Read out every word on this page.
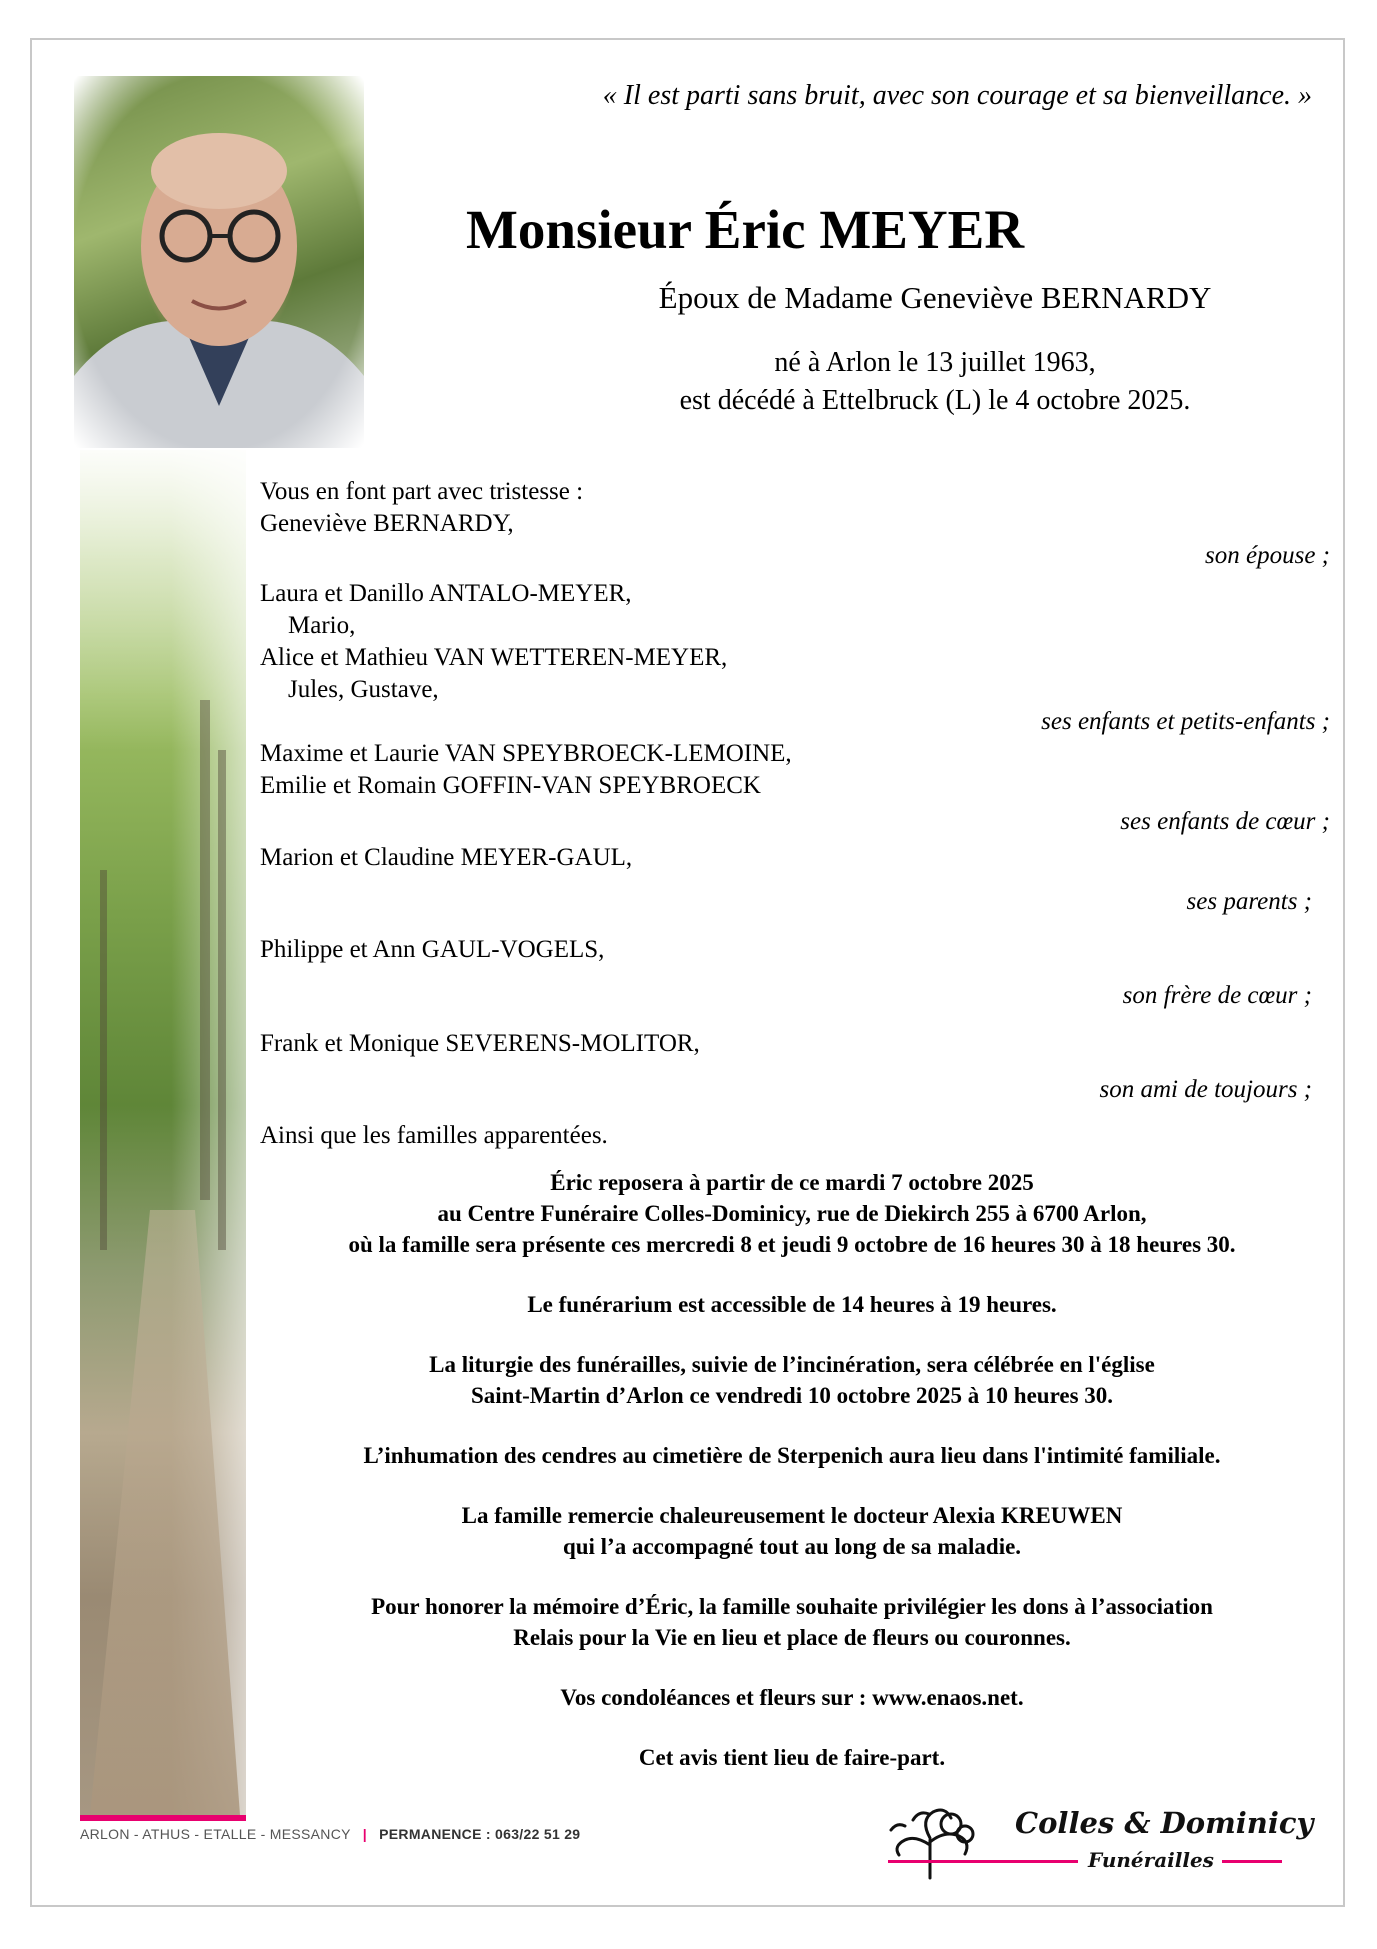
« Il est parti sans bruit, avec son courage et sa bienveillance. »
Monsieur Éric MEYER
Époux de Madame Geneviève BERNARDY
né à Arlon le 13 juillet 1963,
est décédé à Ettelbruck (L) le 4 octobre 2025.
Vous en font part avec tristesse :
Geneviève BERNARDY,
son épouse ;
Laura et Danillo ANTALO-MEYER,
Mario,
Alice et Mathieu VAN WETTEREN-MEYER,
Jules, Gustave,
ses enfants et petits-enfants ;
Maxime et Laurie VAN SPEYBROECK-LEMOINE,
Emilie et Romain GOFFIN-VAN SPEYBROECK
ses enfants de cœur ;
Marion et Claudine MEYER-GAUL,
ses parents ;
Philippe et Ann GAUL-VOGELS,
son frère de cœur ;
Frank et Monique SEVERENS-MOLITOR,
son ami de toujours ;
Ainsi que les familles apparentées.

Éric reposera à partir de ce mardi 7 octobre 2025
au Centre Funéraire Colles-Dominicy, rue de Diekirch 255 à 6700 Arlon,
où la famille sera présente ces mercredi 8 et jeudi 9 octobre de 16 heures 30 à 18 heures 30.

Le funérarium est accessible de 14 heures à 19 heures.

La liturgie des funérailles, suivie de l’incinération, sera célébrée en l'église
Saint-Martin d’Arlon ce vendredi 10 octobre 2025 à 10 heures 30.

L’inhumation des cendres au cimetière de Sterpenich aura lieu dans l'intimité familiale.

La famille remercie chaleureusement le docteur Alexia KREUWEN
qui l’a accompagné tout au long de sa maladie.

Pour honorer la mémoire d’Éric, la famille souhaite privilégier les dons à l’association
Relais pour la Vie en lieu et place de fleurs ou couronnes.

Vos condoléances et fleurs sur : www.enaos.net.

Cet avis tient lieu de faire-part.

ARLON - ATHUS - ETALLE - MESSANCY | PERMANENCE : 063/22 51 29	Colles & Dominicy
Funérailles
